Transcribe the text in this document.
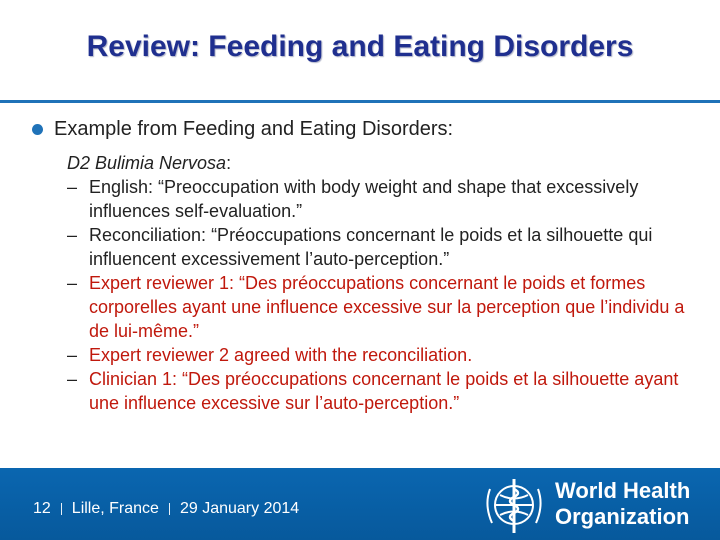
Review: Feeding and Eating Disorders
Example from Feeding and Eating Disorders:
D2 Bulimia Nervosa:
– English: “Preoccupation with body weight and shape that excessively influences self-evaluation.”
– Reconciliation: “Préoccupations concernant le poids et la silhouette qui influencent excessivement l’auto-perception.”
– Expert reviewer 1: “Des préoccupations concernant le poids et formes corporelles ayant une influence excessive sur la perception que l’individu a de lui-même.”
– Expert reviewer 2 agreed with the reconciliation.
– Clinician 1: “Des préoccupations concernant le poids et la silhouette ayant une influence excessive sur l’auto-perception.”
12 Lille, France 29 January 2014
World Health
Organization
